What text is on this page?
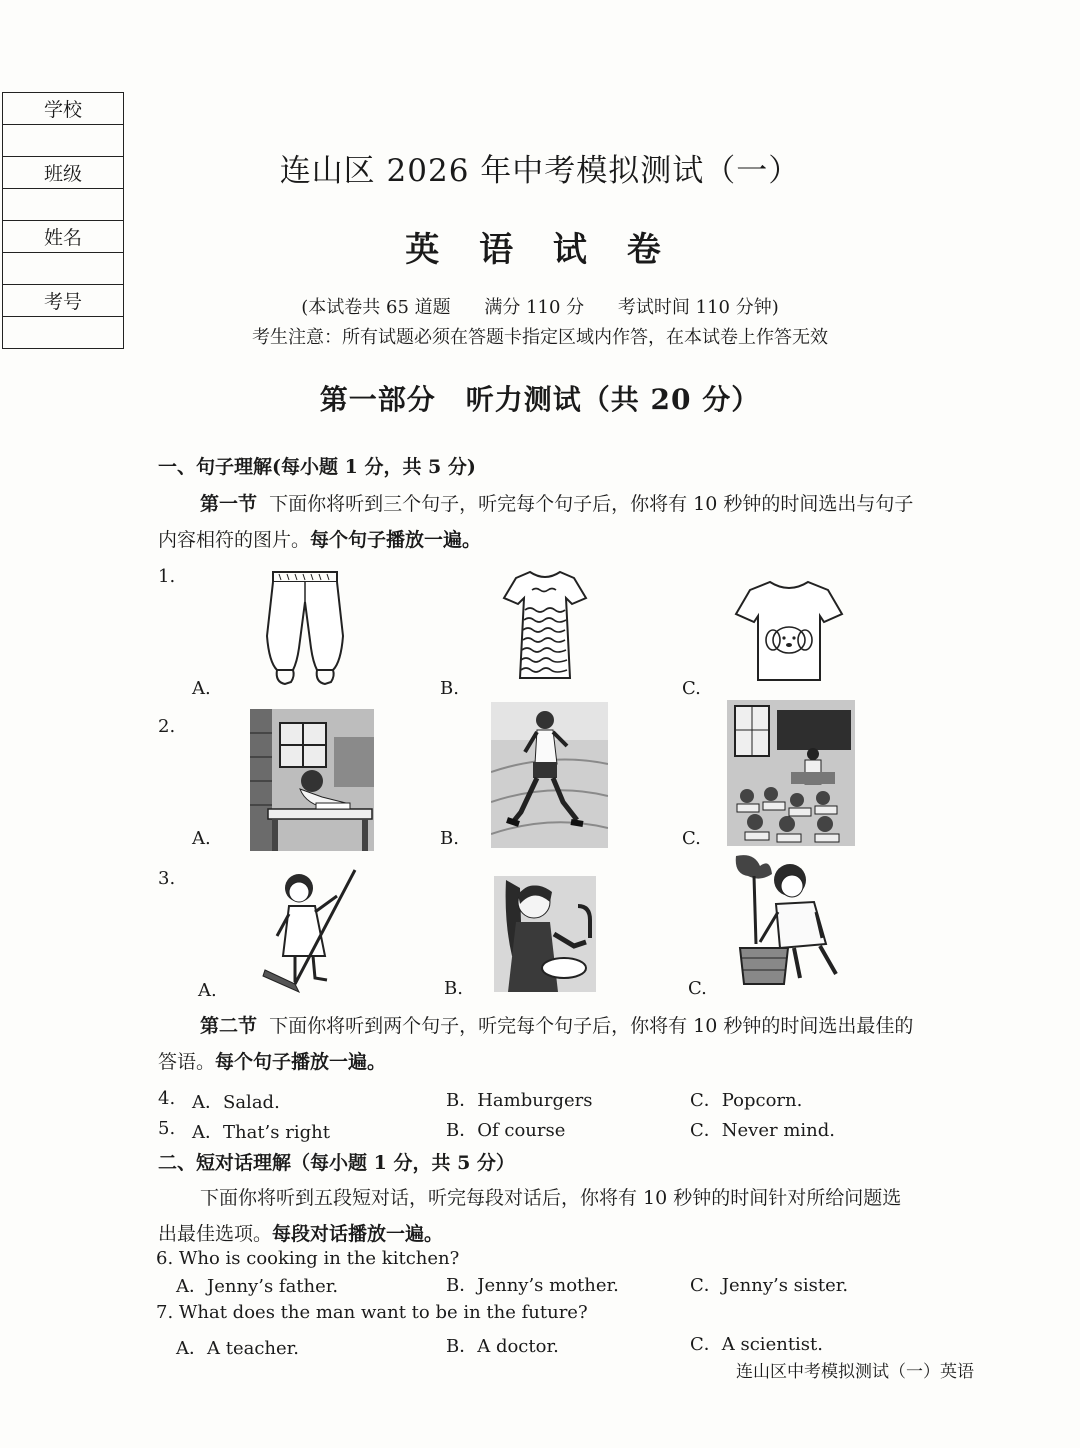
学校
班级
姓名
考号
连山区 2026 年中考模拟测试（一）
英 语 试 卷
(本试卷共 65 道题 满分 110 分 考试时间 110 分钟)
考生注意：所有试题必须在答题卡指定区域内作答，在本试卷上作答无效
第一部分 听力测试（共 20 分）
一、句子理解(每小题 1 分，共 5 分)
第一节 下面你将听到三个句子，听完每个句子后，你将有 10 秒钟的时间选出与句子
内容相符的图片。每个句子播放一遍。
1.
A.	B.	C.
2.
A.	B.	C.
3.
A.	B.	C.
第二节 下面你将听到两个句子，听完每个句子后，你将有 10 秒钟的时间选出最佳的
答语。每个句子播放一遍。
4. A．Salad.	B．Hamburgers	C．Popcorn.
5. A．That’s right	B．Of course	C．Never mind.
二、短对话理解（每小题 1 分，共 5 分）
下面你将听到五段短对话，听完每段对话后，你将有 10 秒钟的时间针对所给问题选
出最佳选项。每段对话播放一遍。
6. Who is cooking in the kitchen?
A．Jenny’s father.	B．Jenny’s mother.	C．Jenny’s sister.
7. What does the man want to be in the future?
A．A teacher.	B．A doctor.	C．A scientist.
连山区中考模拟测试（一）英语
